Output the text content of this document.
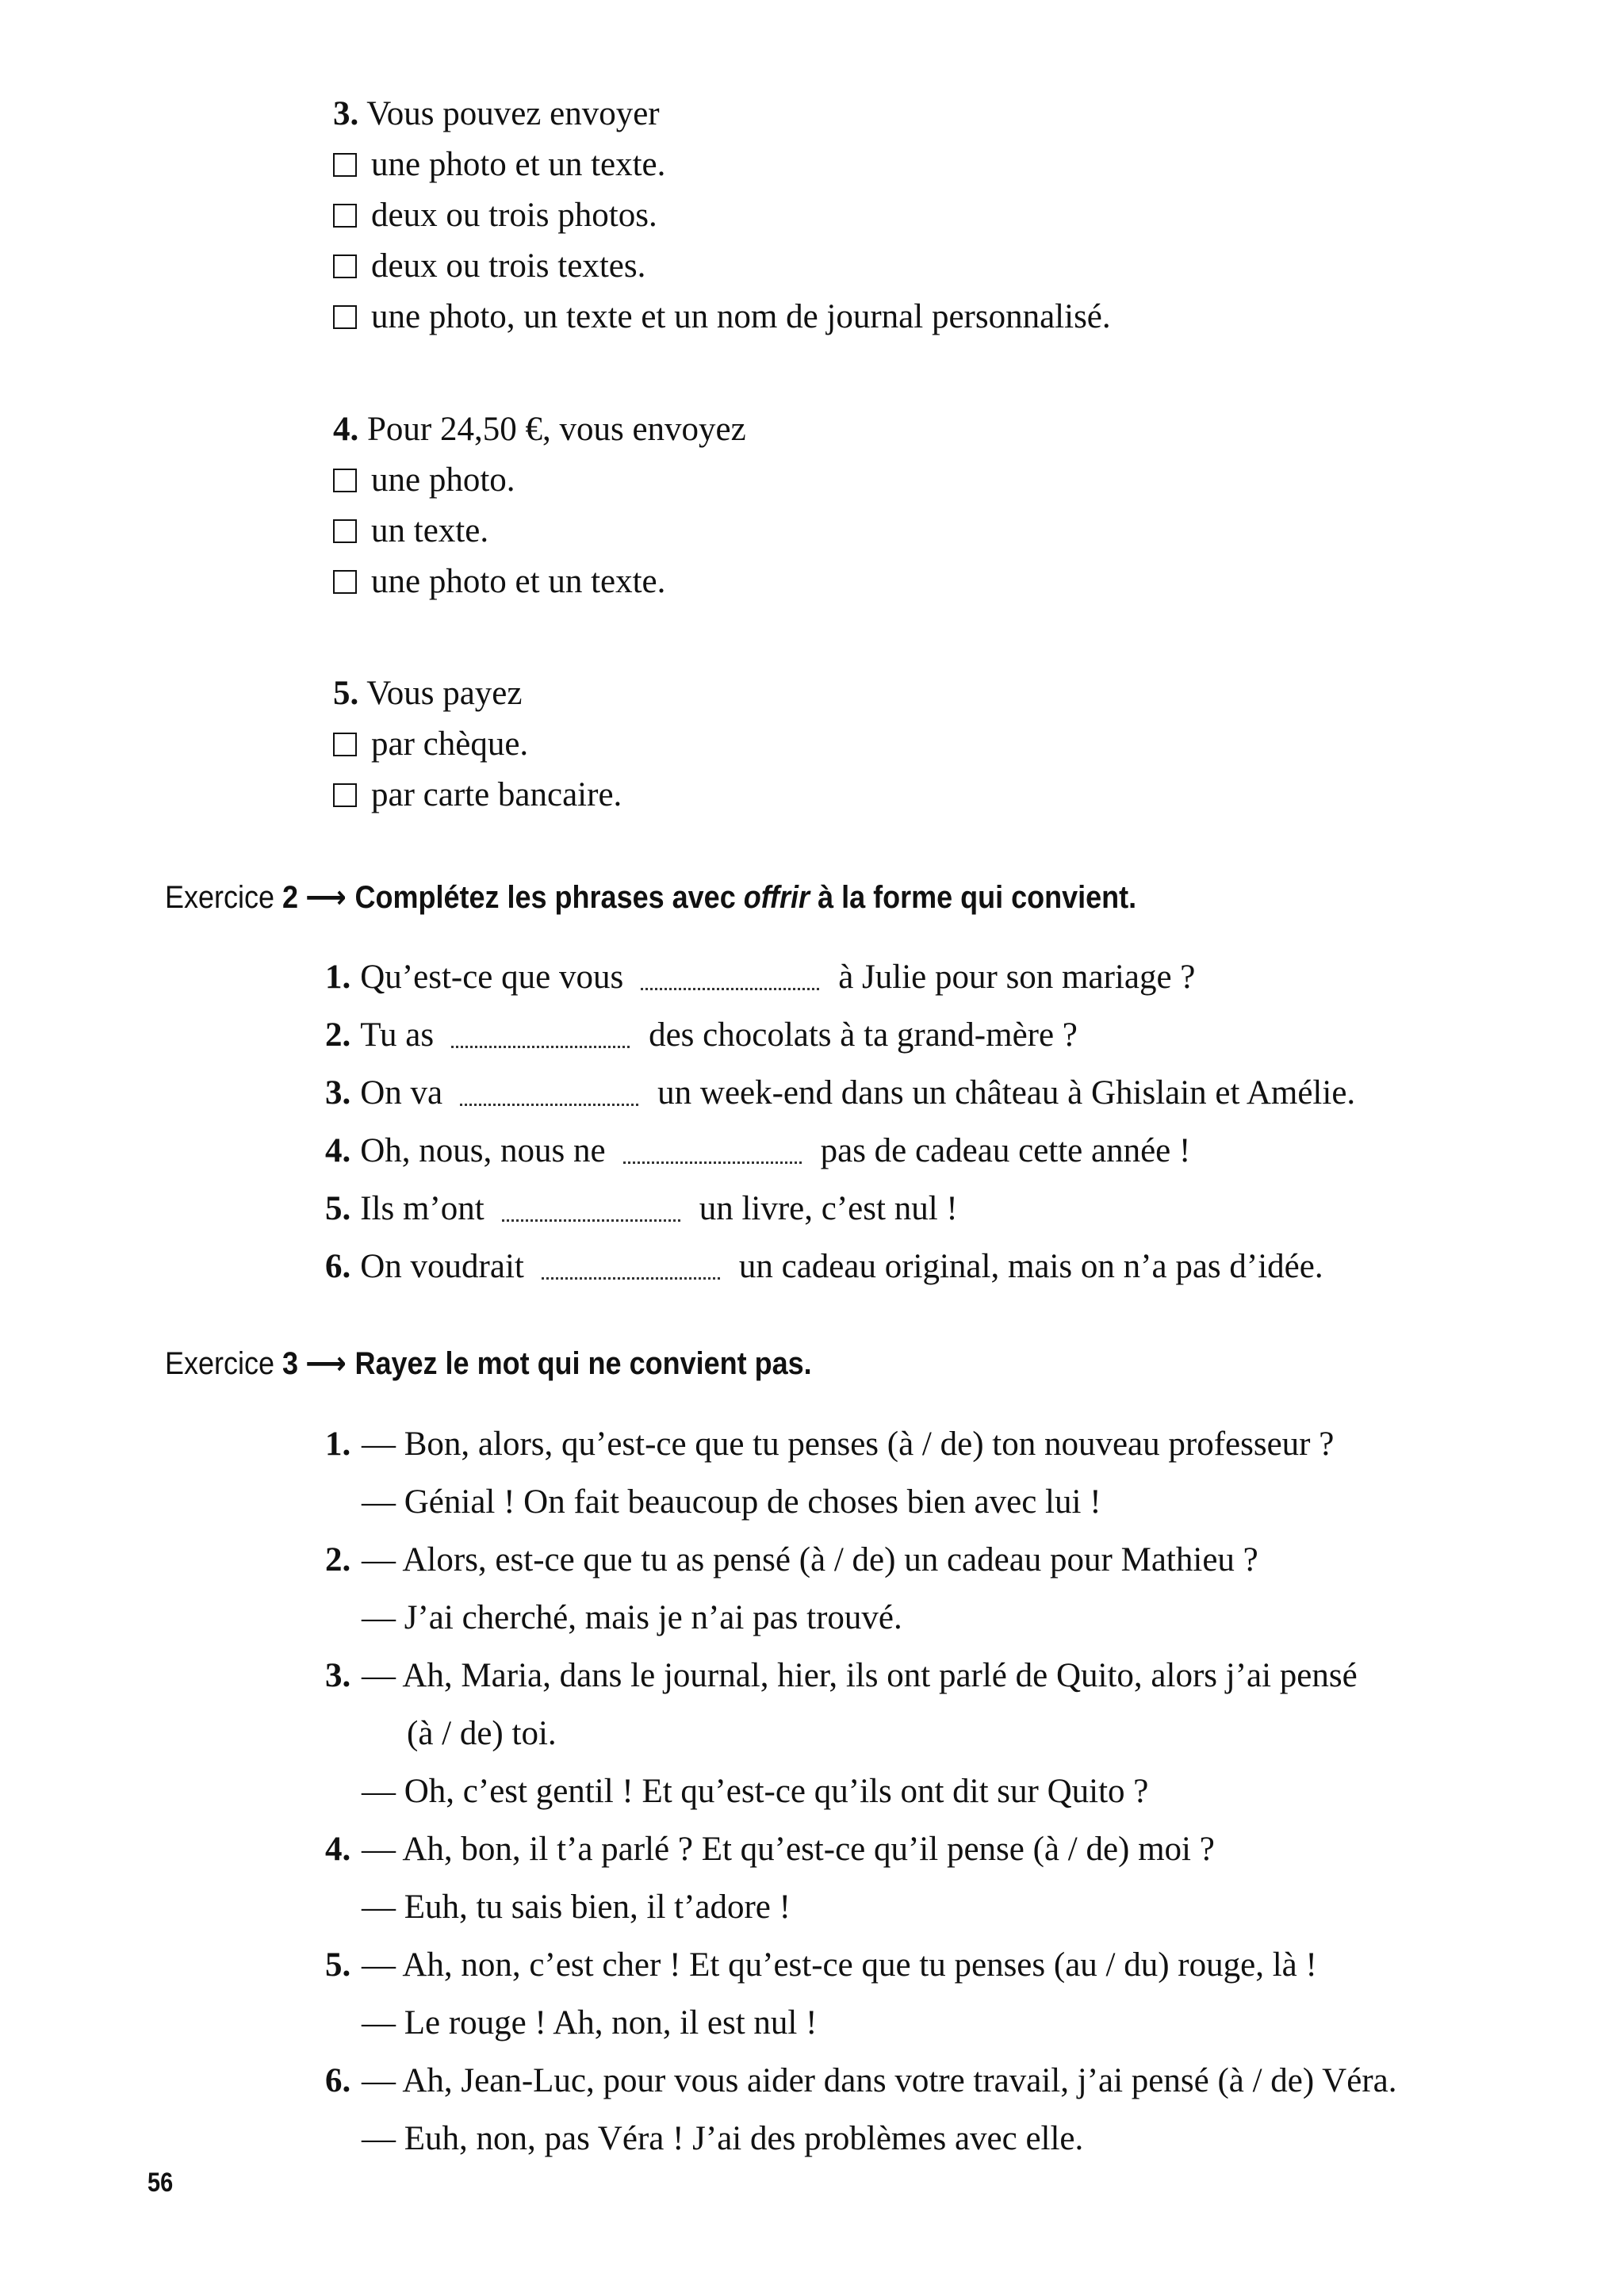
3. Vous pouvez envoyer
une photo et un texte.
deux ou trois photos.
deux ou trois textes.
une photo, un texte et un nom de journal personnalisé.
4. Pour 24,50 €, vous envoyez
une photo.
un texte.
une photo et un texte.
5. Vous payez
par chèque.
par carte bancaire.
Exercice 2 ⟶ Complétez les phrases avec offrir à la forme qui convient.
1. Qu’est-ce que vous	à Julie pour son mariage ?
2. Tu as	des chocolats à ta grand-mère ?
3. On va	un week-end dans un château à Ghislain et Amélie.
4. Oh, nous, nous ne	pas de cadeau cette année !
5. Ils m’ont	un livre, c’est nul !
6. On voudrait	un cadeau original, mais on n’a pas d’idée.
Exercice 3 ⟶ Rayez le mot qui ne convient pas.
1. — Bon, alors, qu’est-ce que tu penses (à / de) ton nouveau professeur ?
— Génial ! On fait beaucoup de choses bien avec lui !
2. — Alors, est-ce que tu as pensé (à / de) un cadeau pour Mathieu ?
— J’ai cherché, mais je n’ai pas trouvé.
3. — Ah, Maria, dans le journal, hier, ils ont parlé de Quito, alors j’ai pensé
(à / de) toi.
— Oh, c’est gentil ! Et qu’est-ce qu’ils ont dit sur Quito ?
4. — Ah, bon, il t’a parlé ? Et qu’est-ce qu’il pense (à / de) moi ?
— Euh, tu sais bien, il t’adore !
5. — Ah, non, c’est cher ! Et qu’est-ce que tu penses (au / du) rouge, là !
— Le rouge ! Ah, non, il est nul !
6. — Ah, Jean-Luc, pour vous aider dans votre travail, j’ai pensé (à / de) Véra.
— Euh, non, pas Véra ! J’ai des problèmes avec elle.
56
